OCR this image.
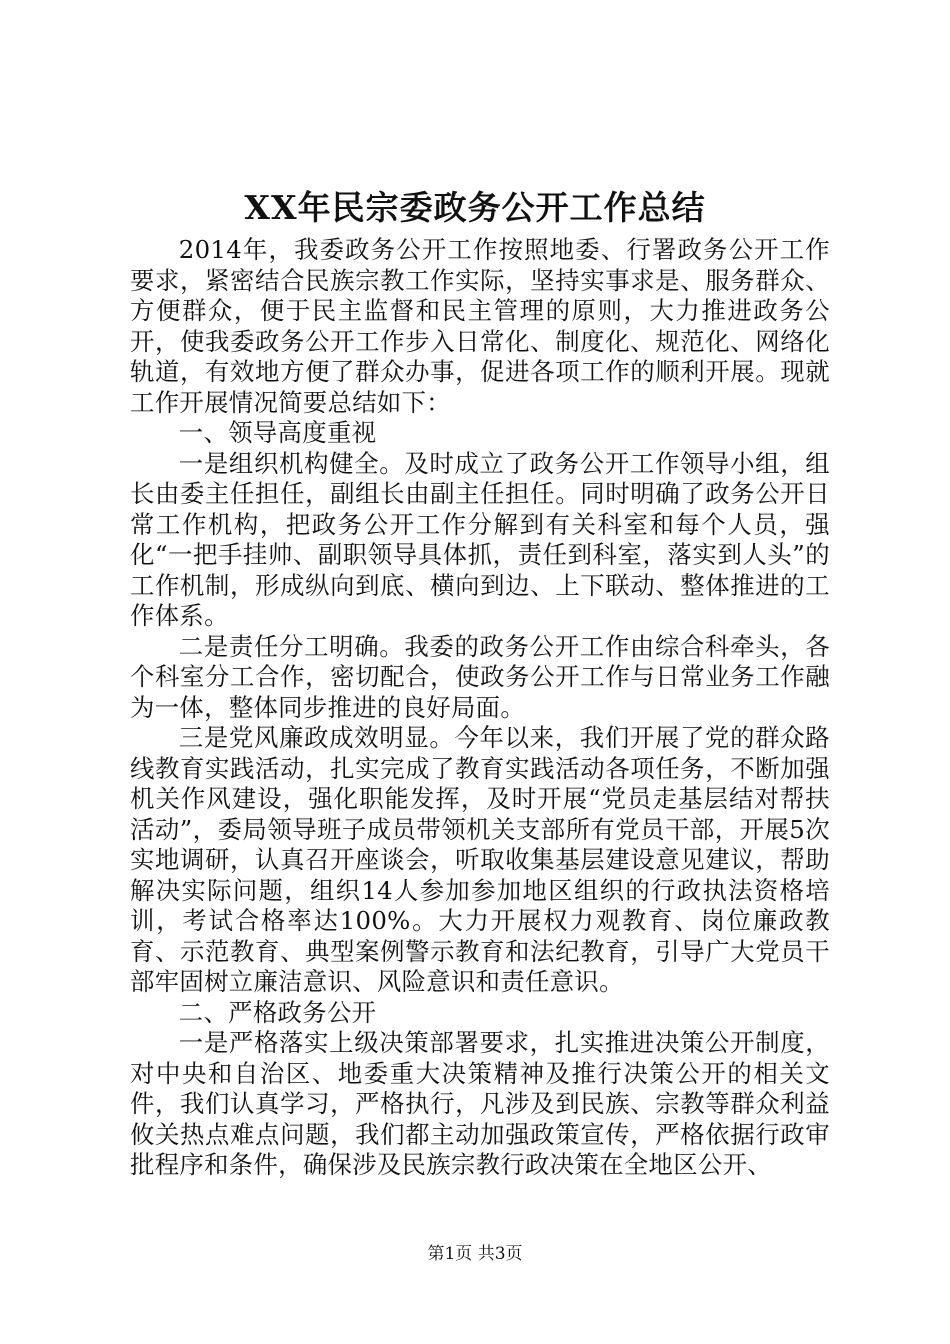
XX年民宗委政务公开工作总结

2014年，我委政务公开工作按照地委、行署政务公开工作要求，紧密结合民族宗教工作实际，坚持实事求是、服务群众、方便群众，便于民主监督和民主管理的原则，大力推进政务公开，使我委政务公开工作步入日常化、制度化、规范化、网络化轨道，有效地方便了群众办事，促进各项工作的顺利开展。现就工作开展情况简要总结如下：

一、领导高度重视

一是组织机构健全。及时成立了政务公开工作领导小组，组长由委主任担任，副组长由副主任担任。同时明确了政务公开日常工作机构，把政务公开工作分解到有关科室和每个人员，强化“一把手挂帅、副职领导具体抓，责任到科室，落实到人头”的工作机制，形成纵向到底、横向到边、上下联动、整体推进的工作体系。

二是责任分工明确。我委的政务公开工作由综合科牵头，各个科室分工合作，密切配合，使政务公开工作与日常业务工作融为一体，整体同步推进的良好局面。

三是党风廉政成效明显。今年以来，我们开展了党的群众路线教育实践活动，扎实完成了教育实践活动各项任务，不断加强机关作风建设，强化职能发挥，及时开展“党员走基层结对帮扶活动”，委局领导班子成员带领机关支部所有党员干部，开展5次实地调研，认真召开座谈会，听取收集基层建设意见建议，帮助解决实际问题，组织14人参加参加地区组织的行政执法资格培训，考试合格率达100%。大力开展权力观教育、岗位廉政教育、示范教育、典型案例警示教育和法纪教育，引导广大党员干部牢固树立廉洁意识、风险意识和责任意识。

二、严格政务公开

一是严格落实上级决策部署要求，扎实推进决策公开制度，对中央和自治区、地委重大决策精神及推行决策公开的相关文件，我们认真学习，严格执行，凡涉及到民族、宗教等群众利益攸关热点难点问题，我们都主动加强政策宣传，严格依据行政审批程序和条件，确保涉及民族宗教行政决策在全地区公开、

第1页 共3页
